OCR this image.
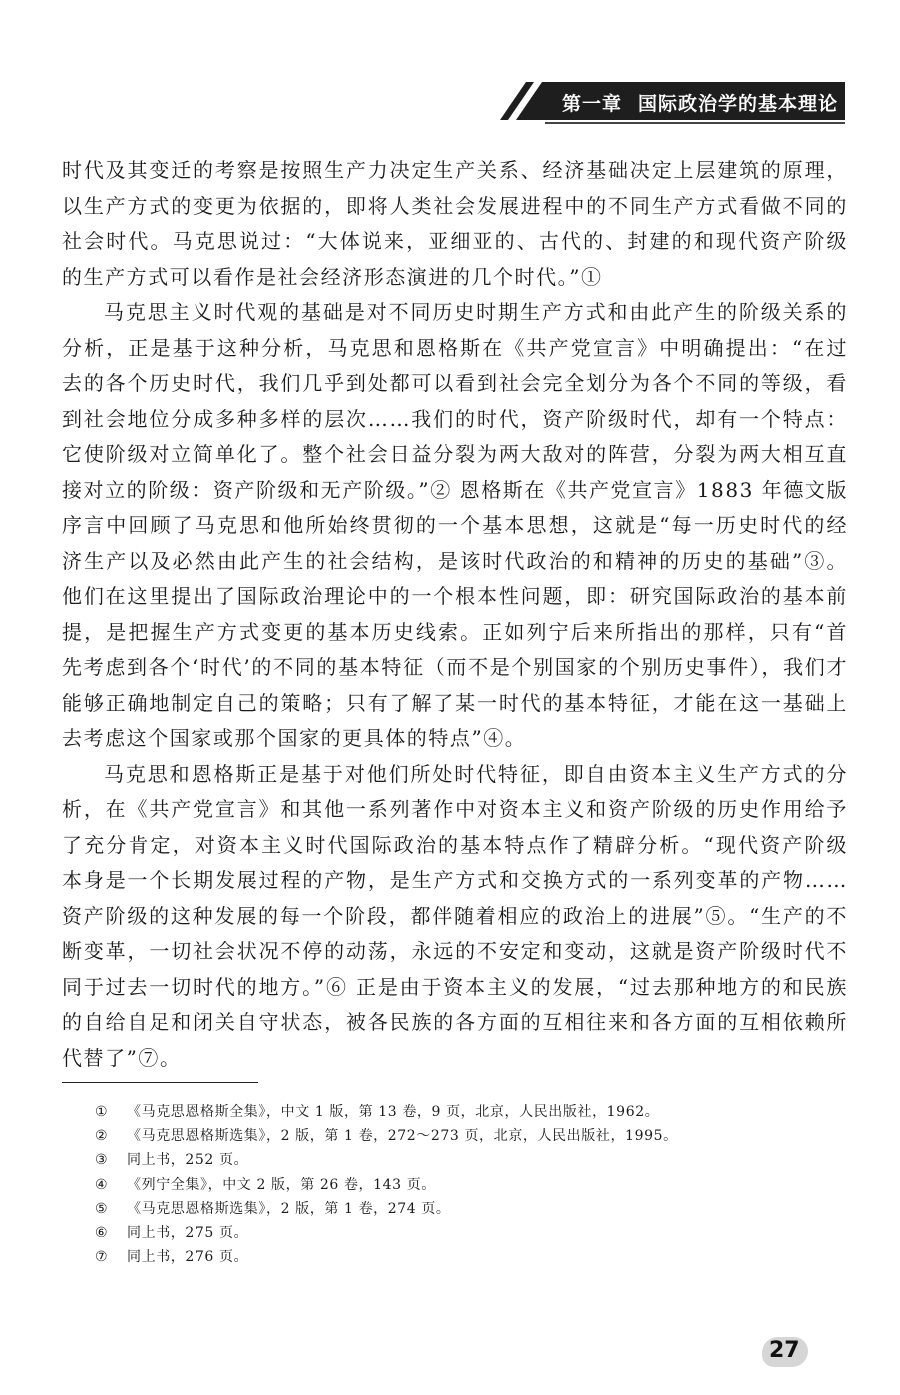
第一章 国际政治学的基本理论

时代及其变迁的考察是按照生产力决定生产关系、经济基础决定上层建筑的原理，以生产方式的变更为依据的，即将人类社会发展进程中的不同生产方式看做不同的社会时代。马克思说过：“大体说来，亚细亚的、古代的、封建的和现代资产阶级的生产方式可以看作是社会经济形态演进的几个时代。”①

马克思主义时代观的基础是对不同历史时期生产方式和由此产生的阶级关系的分析，正是基于这种分析，马克思和恩格斯在《共产党宣言》中明确提出：“在过去的各个历史时代，我们几乎到处都可以看到社会完全划分为各个不同的等级，看到社会地位分成多种多样的层次……我们的时代，资产阶级时代，却有一个特点：它使阶级对立简单化了。整个社会日益分裂为两大敌对的阵营，分裂为两大相互直接对立的阶级：资产阶级和无产阶级。”② 恩格斯在《共产党宣言》1883 年德文版序言中回顾了马克思和他所始终贯彻的一个基本思想，这就是“每一历史时代的经济生产以及必然由此产生的社会结构，是该时代政治的和精神的历史的基础”③。他们在这里提出了国际政治理论中的一个根本性问题，即：研究国际政治的基本前提，是把握生产方式变更的基本历史线索。正如列宁后来所指出的那样，只有“首先考虑到各个‘时代’的不同的基本特征（而不是个别国家的个别历史事件），我们才能够正确地制定自己的策略；只有了解了某一时代的基本特征，才能在这一基础上去考虑这个国家或那个国家的更具体的特点”④。

马克思和恩格斯正是基于对他们所处时代特征，即自由资本主义生产方式的分析，在《共产党宣言》和其他一系列著作中对资本主义和资产阶级的历史作用给予了充分肯定，对资本主义时代国际政治的基本特点作了精辟分析。“现代资产阶级本身是一个长期发展过程的产物，是生产方式和交换方式的一系列变革的产物……资产阶级的这种发展的每一个阶段，都伴随着相应的政治上的进展”⑤。“生产的不断变革，一切社会状况不停的动荡，永远的不安定和变动，这就是资产阶级时代不同于过去一切时代的地方。”⑥ 正是由于资本主义的发展，“过去那种地方的和民族的自给自足和闭关自守状态，被各民族的各方面的互相往来和各方面的互相依赖所代替了”⑦。

① 《马克思恩格斯全集》，中文 1 版，第 13 卷，9 页，北京，人民出版社，1962。
② 《马克思恩格斯选集》，2 版，第 1 卷，272～273 页，北京，人民出版社，1995。
③ 同上书，252 页。
④ 《列宁全集》，中文 2 版，第 26 卷，143 页。
⑤ 《马克思恩格斯选集》，2 版，第 1 卷，274 页。
⑥ 同上书，275 页。
⑦ 同上书，276 页。
27
